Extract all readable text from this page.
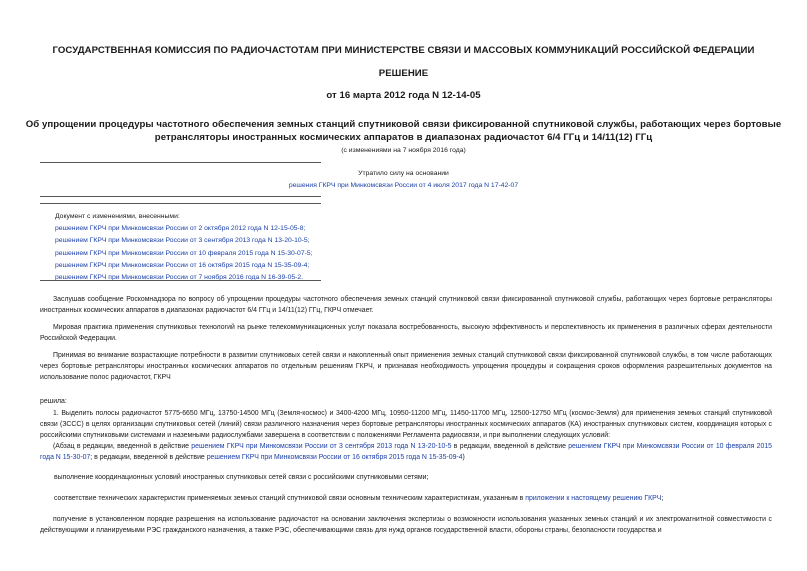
ГОСУДАРСТВЕННАЯ КОМИССИЯ ПО РАДИОЧАСТОТАМ ПРИ МИНИСТЕРСТВЕ СВЯЗИ И МАССОВЫХ КОММУНИКАЦИЙ РОССИЙСКОЙ ФЕДЕРАЦИИ
РЕШЕНИЕ
от 16 марта 2012 года N 12-14-05
Об упрощении процедуры частотного обеспечения земных станций спутниковой связи фиксированной спутниковой службы, работающих через бортовые
ретрансляторы иностранных космических аппаратов в диапазонах радиочастот 6/4 ГГц и 14/11(12) ГГц
(с изменениями на 7 ноября 2016 года)
Утратило силу на основании
решения ГКРЧ при Минкомсвязи России от 4 июля 2017 года N 17-42-07
Документ с изменениями, внесенными:
решением ГКРЧ при Минкомсвязи России от 2 октября 2012 года N 12-15-05-8;
решением ГКРЧ при Минкомсвязи России от 3 сентября 2013 года N 13-20-10-5;
решением ГКРЧ при Минкомсвязи России от 10 февраля 2015 года N 15-30-07-5;
решением ГКРЧ при Минкомсвязи России от 16 октября 2015 года N 15-35-09-4;
решением ГКРЧ при Минкомсвязи России от 7 ноября 2016 года N 16-39-05-2.
Заслушав сообщение Роскомнадзора по вопросу об упрощении процедуры частотного обеспечения земных станций спутниковой связи фиксированной спутниковой службы, работающих через бортовые ретрансляторы иностранных космических аппаратов в диапазонах радиочастот 6/4 ГГц и 14/11(12) ГГц, ГКРЧ отмечает.
Мировая практика применения спутниковых технологий на рынке телекоммуникационных услуг показала востребованность, высокую эффективность и перспективность их применения в различных сферах деятельности Российской Федерации.
Принимая во внимание возрастающие потребности в развитии спутниковых сетей связи и накопленный опыт применения земных станций спутниковой связи фиксированной спутниковой службы, в том числе работающих через бортовые ретрансляторы иностранных космических аппаратов по отдельным решениям ГКРЧ, и признавая необходимость упрощения процедуры и сокращения сроков оформления разрешительных документов на использование полос радиочастот, ГКРЧ
решила:
1. Выделить полосы радиочастот 5775-6650 МГц, 13750-14500 МГц (Земля-космос) и 3400-4200 МГц, 10950-11200 МГц, 11450-11700 МГц, 12500-12750 МГц (космос-Земля) для применения земных станций спутниковой связи (ЗССС) в целях организации спутниковых сетей (линий) связи различного назначения через бортовые ретрансляторы иностранных космических аппаратов (КА) иностранных спутниковых систем, координация которых с российскими спутниковыми системами и наземными радиослужбами завершена в соответствии с положениями Регламента радиосвязи, и при выполнении следующих условий:
(Абзац в редакции, введенной в действие решением ГКРЧ при Минкомсвязи России от 3 сентября 2013 года N 13-20-10-5 в редакции, введенной в действие решением ГКРЧ при Минкомсвязи России от 10 февраля 2015 года N 15-30-07; в редакции, введенной в действие решением ГКРЧ при Минкомсвязи России от 16 октября 2015 года N 15-35-09-4)
выполнение координационных условий иностранных спутниковых сетей связи с российскими спутниковыми сетями;
соответствие технических характеристик применяемых земных станций спутниковой связи основным техническим характеристикам, указанным в приложении к настоящему решению ГКРЧ;
получение в установленном порядке разрешения на использование радиочастот на основании заключения экспертизы о возможности использования указанных земных станций и их электромагнитной совместимости с действующими и планируемыми РЭС гражданского назначения, а также РЭС, обеспечивающими связь для нужд органов государственной власти, обороны страны, безопасности государства и
